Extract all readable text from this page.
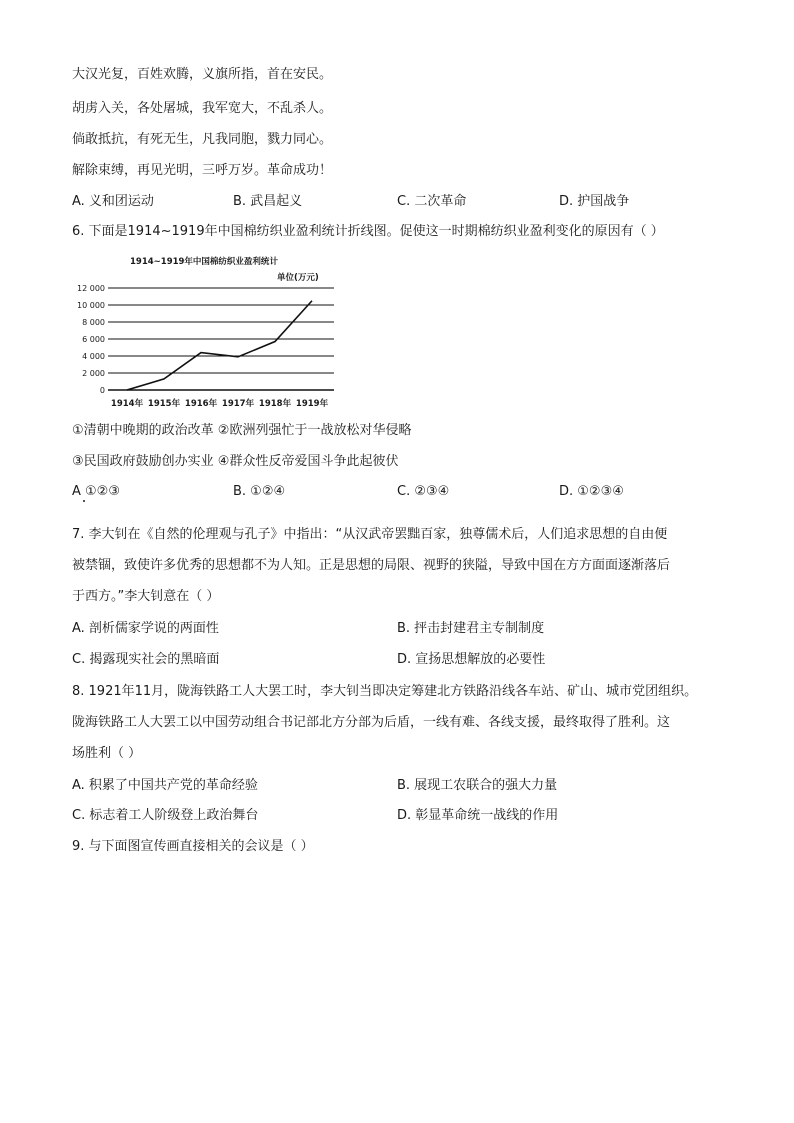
大汉光复，百姓欢腾，义旗所指，首在安民。
胡虏入关，各处屠城，我军宽大，不乱杀人。
倘敢抵抗，有死无生，凡我同胞，戮力同心。
解除束缚，再见光明，三呼万岁。革命成功！
A. 义和团运动	B. 武昌起义	C. 二次革命	D. 护国战争
6. 下面是1914~1919年中国棉纺织业盈利统计折线图。促使这一时期棉纺织业盈利变化的原因有（ ）
1914~1919年中国棉纺织业盈利统计
单位(万元)
12 000
10 000
8 000
6 000
4 000
2 000
0
1914年 1915年 1916年 1917年 1918年 1919年
①清朝中晚期的政治改革 ②欧洲列强忙于一战放松对华侵略
③民国政府鼓励创办实业 ④群众性反帝爱国斗争此起彼伏
A ①②③	B. ①②④	C. ②③④	D. ①②③④
7. 李大钊在《自然的伦理观与孔子》中指出：“从汉武帝罢黜百家，独尊儒术后，人们追求思想的自由便
被禁锢，致使许多优秀的思想都不为人知。正是思想的局限、视野的狭隘，导致中国在方方面面逐渐落后
于西方。”李大钊意在（ ）
A. 剖析儒家学说的两面性	B. 抨击封建君主专制制度
C. 揭露现实社会的黑暗面	D. 宣扬思想解放的必要性
8. 1921年11月，陇海铁路工人大罢工时，李大钊当即决定筹建北方铁路沿线各车站、矿山、城市党团组织。
陇海铁路工人大罢工以中国劳动组合书记部北方分部为后盾，一线有难、各线支援，最终取得了胜利。这
场胜利（ ）
A. 积累了中国共产党的革命经验	B. 展现工农联合的强大力量
C. 标志着工人阶级登上政治舞台	D. 彰显革命统一战线的作用
9. 与下面图宣传画直接相关的会议是（ ）
